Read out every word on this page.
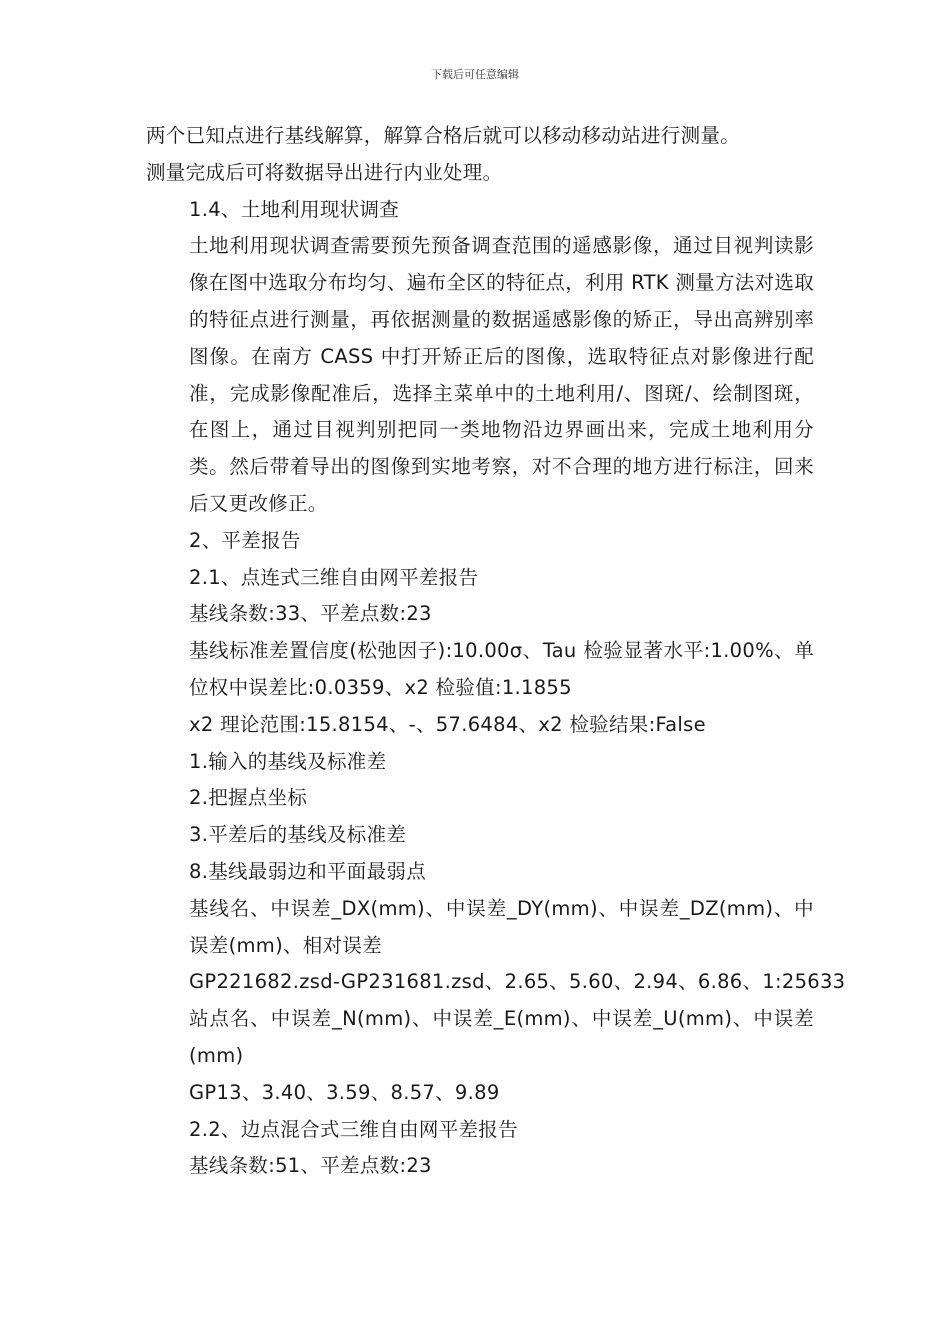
下载后可任意编辑

两个已知点进行基线解算，解算合格后就可以移动移动站进行测量。

测量完成后可将数据导出进行内业处理。

1.4、土地利用现状调查

土地利用现状调查需要预先预备调查范围的遥感影像，通过目视判读影像在图中选取分布均匀、遍布全区的特征点，利用 RTK 测量方法对选取的特征点进行测量，再依据测量的数据遥感影像的矫正，导出高辨别率图像。在南方 CASS 中打开矫正后的图像，选取特征点对影像进行配准，完成影像配准后，选择主菜单中的土地利用/、图斑/、绘制图斑，在图上，通过目视判别把同一类地物沿边界画出来，完成土地利用分类。然后带着导出的图像到实地考察，对不合理的地方进行标注，回来后又更改修正。

2、平差报告

2.1、点连式三维自由网平差报告

基线条数:33、平差点数:23

基线标准差置信度(松弛因子):10.00σ、Tau 检验显著水平:1.00%、单位权中误差比:0.0359、x2 检验值:1.1855

x2 理论范围:15.8154、-、57.6484、x2 检验结果:False

1.输入的基线及标准差

2.把握点坐标

3.平差后的基线及标准差

8.基线最弱边和平面最弱点

基线名、中误差_DX(mm)、中误差_DY(mm)、中误差_DZ(mm)、中误差(mm)、相对误差

GP221682.zsd-GP231681.zsd、2.65、5.60、2.94、6.86、1:25633

站点名、中误差_N(mm)、中误差_E(mm)、中误差_U(mm)、中误差(mm)

GP13、3.40、3.59、8.57、9.89

2.2、边点混合式三维自由网平差报告

基线条数:51、平差点数:23
